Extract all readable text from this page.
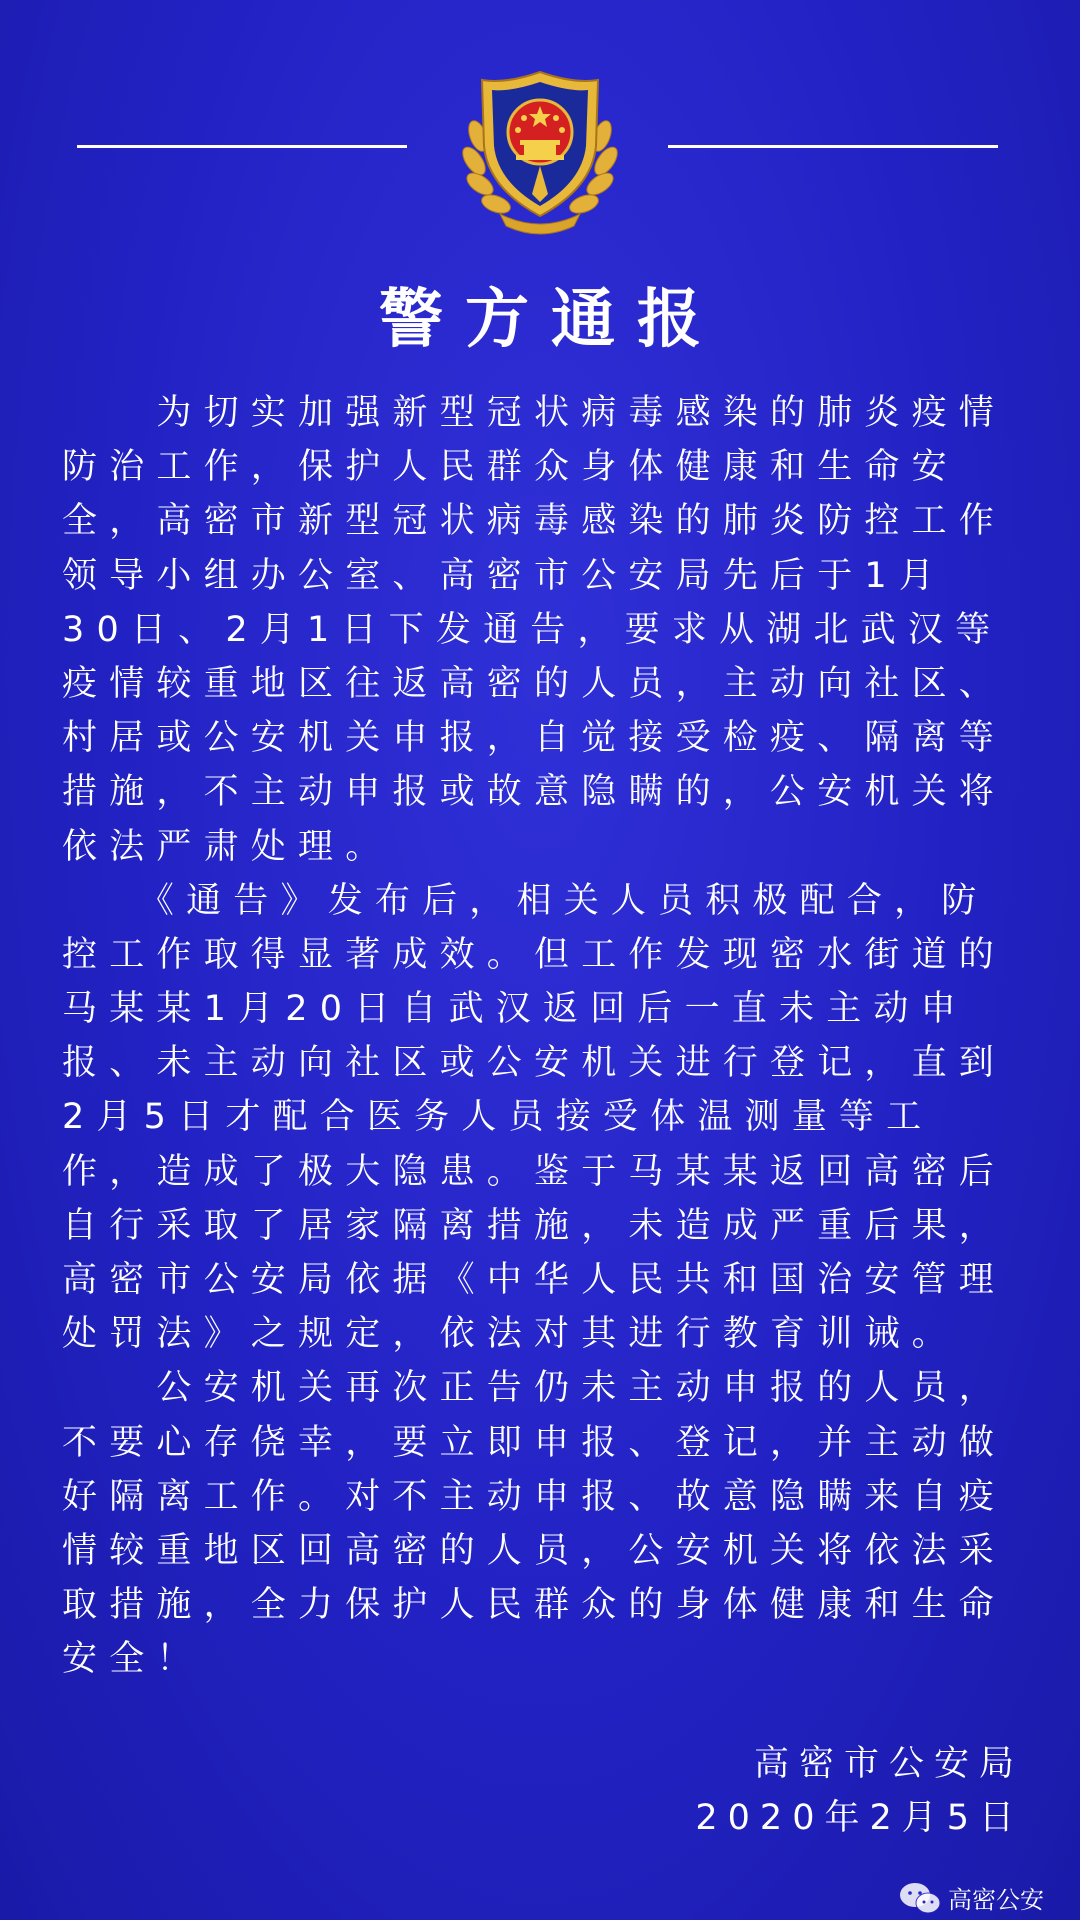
警方通报
　　为切实加强新型冠状病毒感染的肺炎疫情
防治工作，保护人民群众身体健康和生命安
全，高密市新型冠状病毒感染的肺炎防控工作
领导小组办公室、高密市公安局先后于1月
30日、2月1日下发通告，要求从湖北武汉等
疫情较重地区往返高密的人员，主动向社区、
村居或公安机关申报，自觉接受检疫、隔离等
措施，不主动申报或故意隐瞒的，公安机关将
依法严肃处理。
　　《通告》发布后，相关人员积极配合，防
控工作取得显著成效。但工作发现密水街道的
马某某1月20日自武汉返回后一直未主动申
报、未主动向社区或公安机关进行登记，直到
2月5日才配合医务人员接受体温测量等工
作，造成了极大隐患。鉴于马某某返回高密后
自行采取了居家隔离措施，未造成严重后果，
高密市公安局依据《中华人民共和国治安管理
处罚法》之规定，依法对其进行教育训诫。
　　公安机关再次正告仍未主动申报的人员，
不要心存侥幸，要立即申报、登记，并主动做
好隔离工作。对不主动申报、故意隐瞒来自疫
情较重地区回高密的人员，公安机关将依法采
取措施，全力保护人民群众的身体健康和生命
安全！
高密市公安局
2020年2月5日
高密公安
